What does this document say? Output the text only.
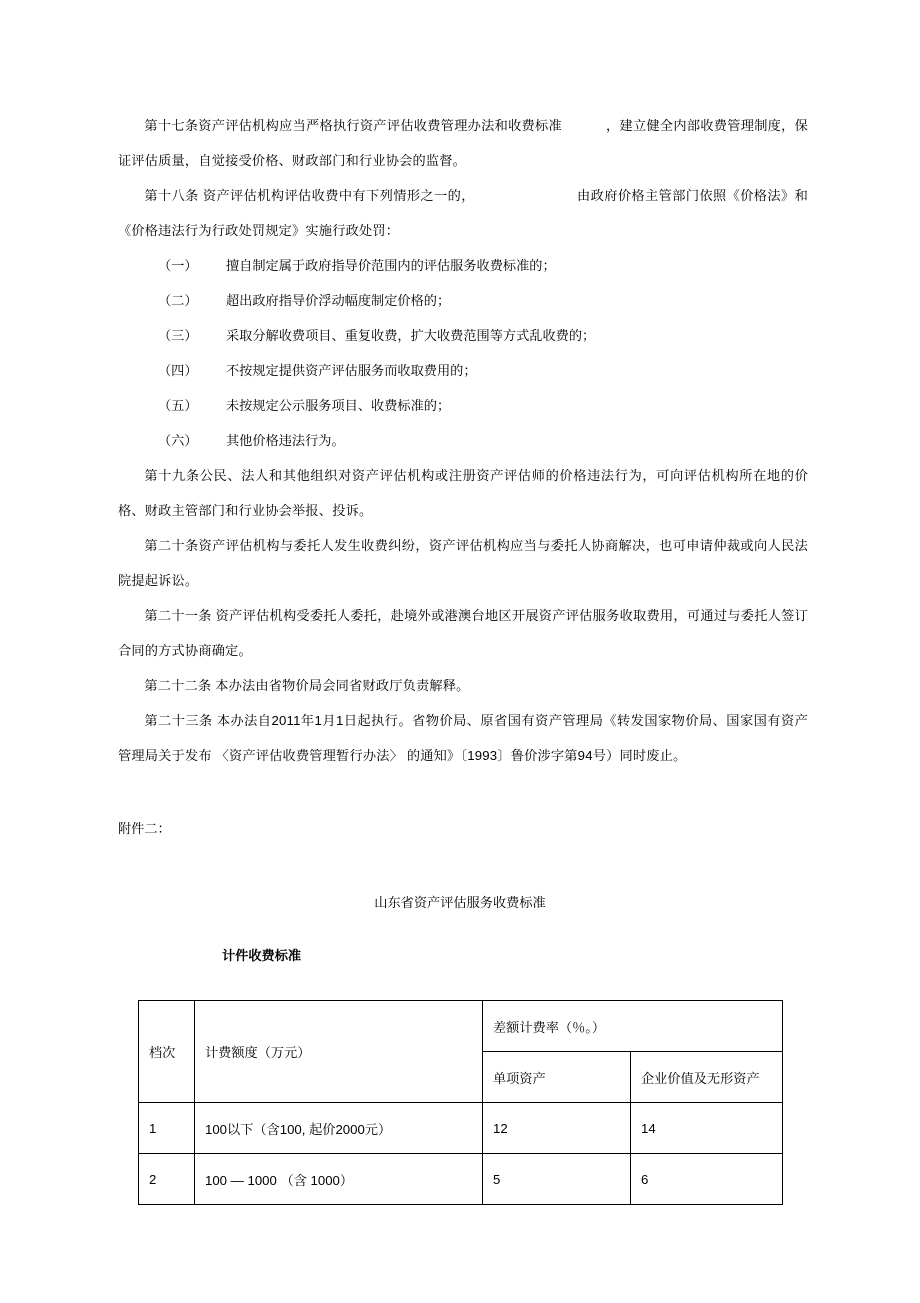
第十七条资产评估机构应当严格执行资产评估收费管理办法和收费标准	，建立健全内部收费管理制度，保证评估质量，自觉接受价格、财政部门和行业协会的监督。

第十八条 资产评估机构评估收费中有下列情形之一的，	由政府价格主管部门依照《价格法》和《价格违法行为行政处罚规定》实施行政处罚：

（一） 擅自制定属于政府指导价范围内的评估服务收费标准的；
（二） 超出政府指导价浮动幅度制定价格的；
（三） 采取分解收费项目、重复收费，扩大收费范围等方式乱收费的；
（四） 不按规定提供资产评估服务而收取费用的；
（五） 未按规定公示服务项目、收费标准的；
（六） 其他价格违法行为。

第十九条公民、法人和其他组织对资产评估机构或注册资产评估师的价格违法行为，可向评估机构所在地的价格、财政主管部门和行业协会举报、投诉。

第二十条资产评估机构与委托人发生收费纠纷，资产评估机构应当与委托人协商解决，也可申请仲裁或向人民法院提起诉讼。

第二十一条 资产评估机构受委托人委托，赴境外或港澳台地区开展资产评估服务收取费用，可通过与委托人签订合同的方式协商确定。

第二十二条 本办法由省物价局会同省财政厅负责解释。

第二十三条 本办法自2011年1月1日起执行。省物价局、原省国有资产管理局《转发国家物价局、国家国有资产管理局关于发布 〈资产评估收费管理暂行办法〉 的通知》〔1993〕鲁价涉字第94号）同时废止。

附件二：
山东省资产评估服务收费标准
计件收费标准
档次	计费额度（万元）	差额计费率（％。）	
		单项资产	企业价值及无形资产
1	100以下（含100, 起价2000元）	12	14
2	100 — 1000 （含 1000）	5	6
